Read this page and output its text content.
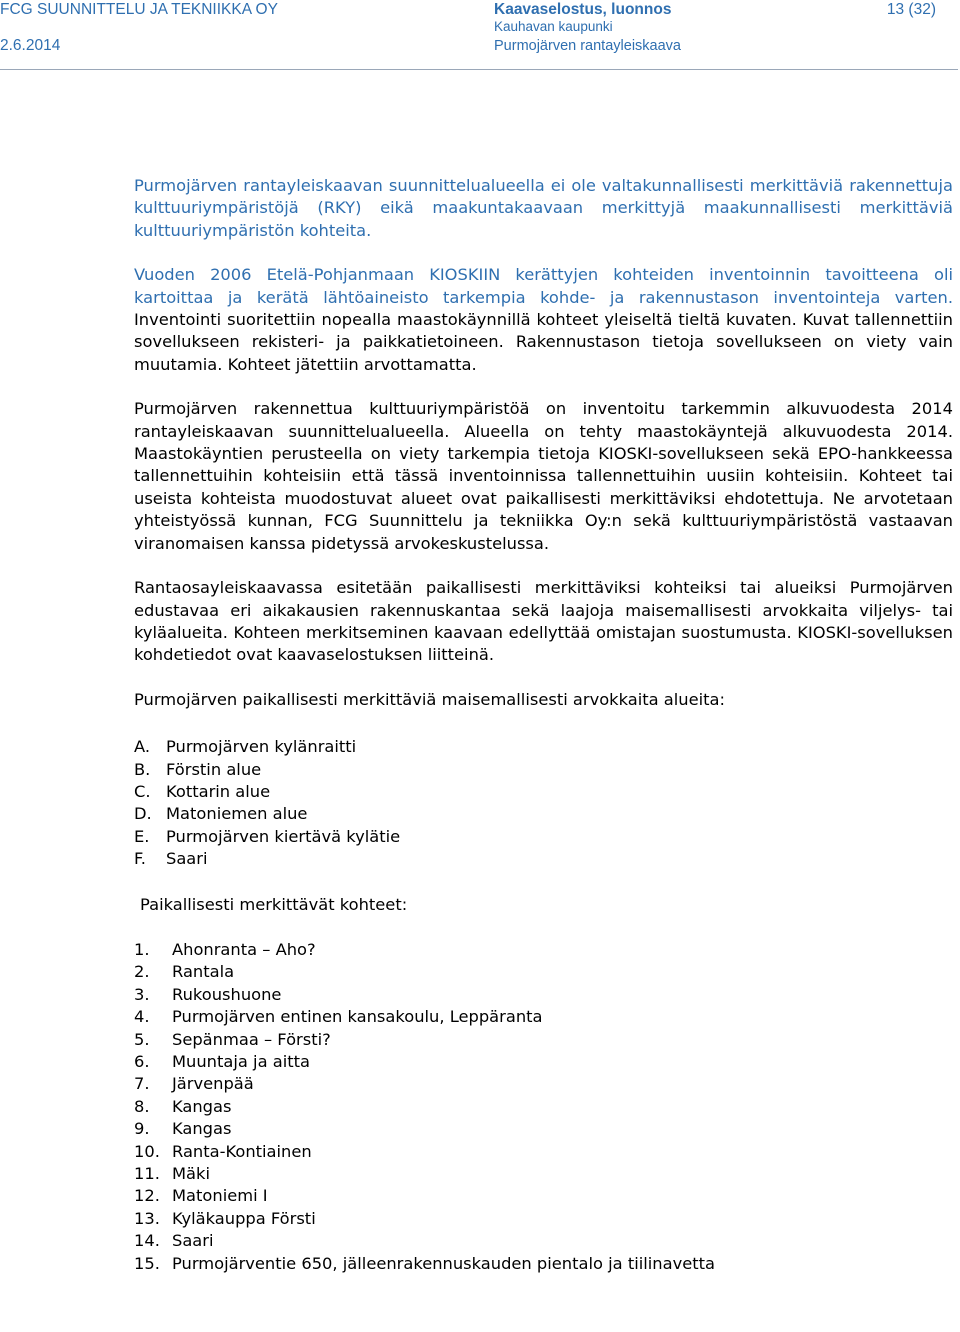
FCG SUUNNITTELU JA TEKNIIKKA OY
2.6.2014
Kaavaselostus, luonnos
Kauhavan kaupunki
Purmojärven rantayleiskaava
13 (32)

Purmojärven rantayleiskaavan suunnittelualueella ei ole valtakunnallisesti merkittäviä rakennettuja kulttuuriympäristöjä (RKY) eikä maakuntakaavaan merkittyjä maakunnallisesti merkittäviä kulttuuriympäristön kohteita.

Vuoden 2006 Etelä-Pohjanmaan KIOSKIIN kerättyjen kohteiden inventoinnin tavoitteena oli kartoittaa ja kerätä lähtöaineisto tarkempia kohde- ja rakennustason inventointeja varten. Inventointi suoritettiin nopealla maastokäynnillä kohteet yleiseltä tieltä kuvaten. Kuvat tallennettiin sovellukseen rekisteri- ja paikkatietoineen. Rakennustason tietoja sovellukseen on viety vain muutamia. Kohteet jätettiin arvottamatta.

Purmojärven rakennettua kulttuuriympäristöä on inventoitu tarkemmin alkuvuodesta 2014 rantayleiskaavan suunnittelualueella. Alueella on tehty maastokäyntejä alkuvuodesta 2014. Maastokäyntien perusteella on viety tarkempia tietoja KIOSKI-sovellukseen sekä EPO-hankkeessa tallennettuihin kohteisiin että tässä inventoinnissa tallennettuihin uusiin kohteisiin. Kohteet tai useista kohteista muodostuvat alueet ovat paikallisesti merkittäviksi ehdotettuja. Ne arvotetaan yhteistyössä kunnan, FCG Suunnittelu ja tekniikka Oy:n sekä kulttuuriympäristöstä vastaavan viranomaisen kanssa pidetyssä arvokeskustelussa.

Rantaosayleiskaavassa esitetään paikallisesti merkittäviksi kohteiksi tai alueiksi Purmojärven edustavaa eri aikakausien rakennuskantaa sekä laajoja maisemallisesti arvokkaita viljelys- tai kyläalueita. Kohteen merkitseminen kaavaan edellyttää omistajan suostumusta. KIOSKI-sovelluksen kohdetiedot ovat kaavaselostuksen liitteinä.

Purmojärven paikallisesti merkittäviä maisemallisesti arvokkaita alueita:

A. Purmojärven kylänraitti
B. Förstin alue
C. Kottarin alue
D. Matoniemen alue
E. Purmojärven kiertävä kylätie
F. Saari

Paikallisesti merkittävät kohteet:

1. Ahonranta – Aho?
2. Rantala
3. Rukoushuone
4. Purmojärven entinen kansakoulu, Leppäranta
5. Sepänmaa – Försti?
6. Muuntaja ja aitta
7. Järvenpää
8. Kangas
9. Kangas
10. Ranta-Kontiainen
11. Mäki
12. Matoniemi I
13. Kyläkauppa Försti
14. Saari
15. Purmojärventie 650, jälleenrakennuskauden pientalo ja tiilinavetta
